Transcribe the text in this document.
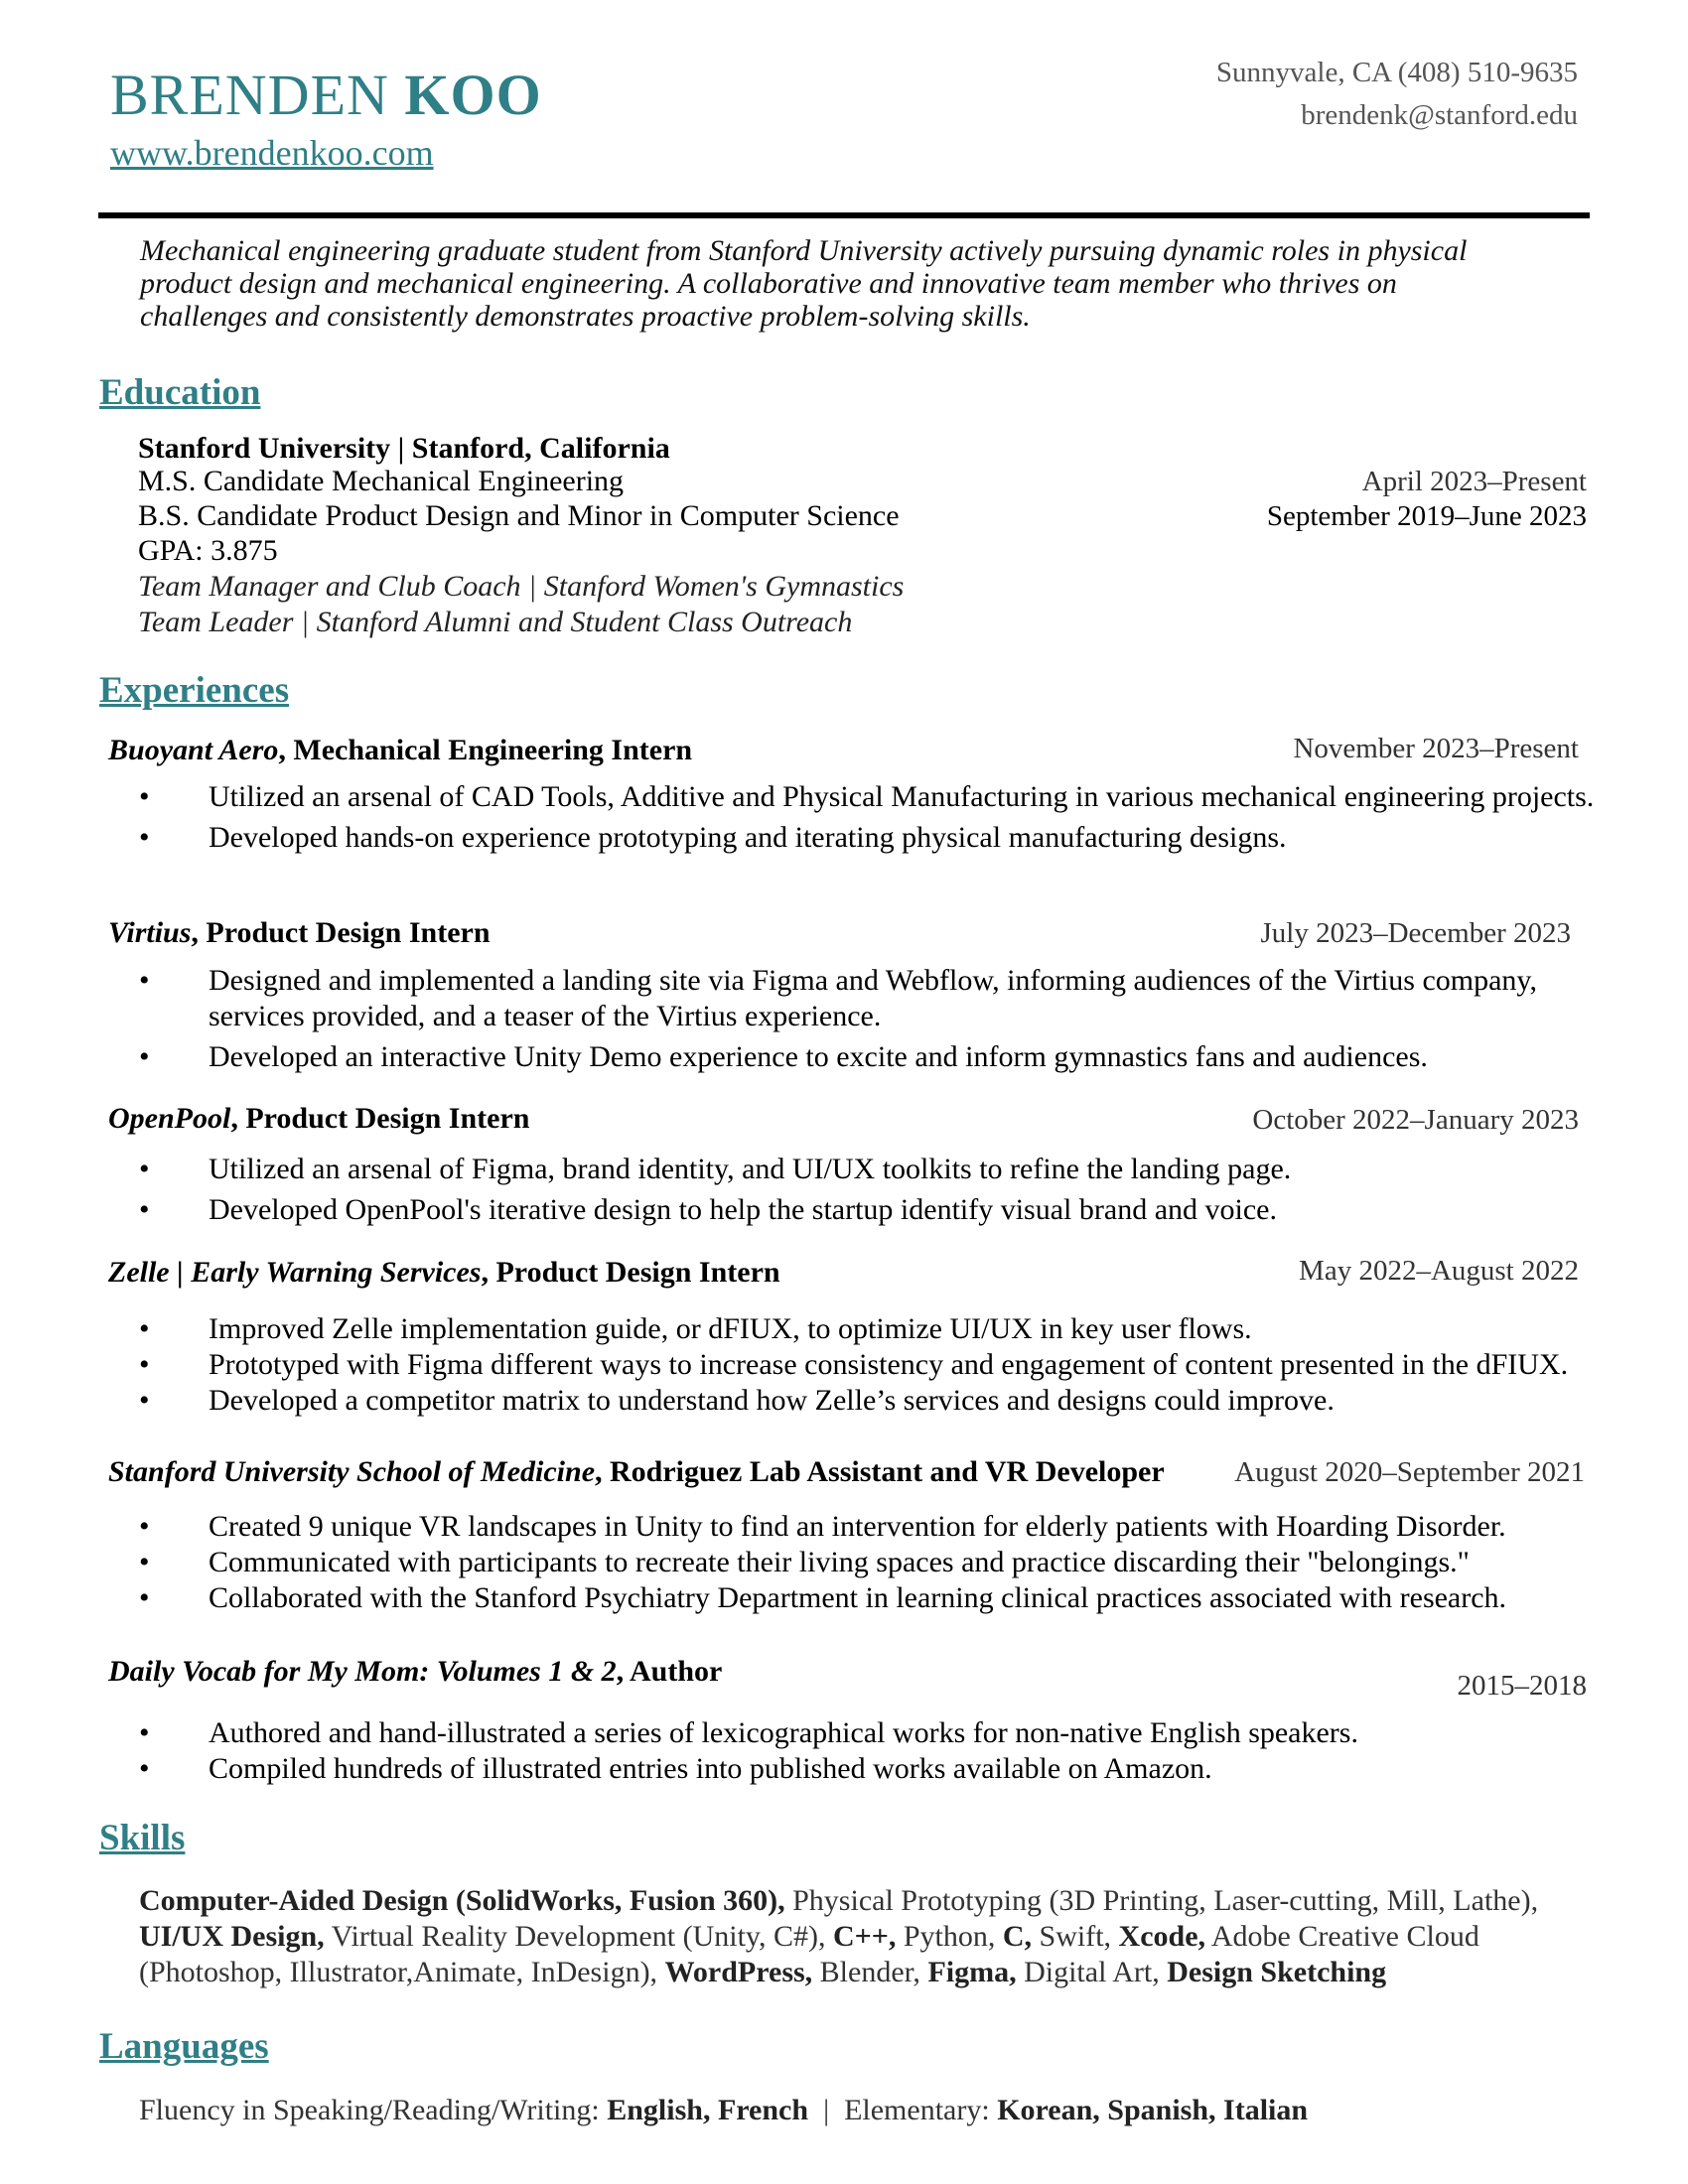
BRENDEN KOO
www.brendenkoo.com
Sunnyvale, CA (408) 510-9635
brendenk@stanford.edu
Mechanical engineering graduate student from Stanford University actively pursuing dynamic roles in physical product design and mechanical engineering. A collaborative and innovative team member who thrives on challenges and consistently demonstrates proactive problem-solving skills.
Education
Stanford University | Stanford, California
M.S. Candidate Mechanical Engineering	April 2023–Present
B.S. Candidate Product Design and Minor in Computer Science	September 2019–June 2023
GPA: 3.875
Team Manager and Club Coach | Stanford Women's Gymnastics
Team Leader | Stanford Alumni and Student Class Outreach
Experiences
Buoyant Aero, Mechanical Engineering Intern	November 2023–Present
•	Utilized an arsenal of CAD Tools, Additive and Physical Manufacturing in various mechanical engineering projects.
•	Developed hands-on experience prototyping and iterating physical manufacturing designs.
Virtius, Product Design Intern	July 2023–December 2023
•	Designed and implemented a landing site via Figma and Webflow, informing audiences of the Virtius company, services provided, and a teaser of the Virtius experience.
•	Developed an interactive Unity Demo experience to excite and inform gymnastics fans and audiences.
OpenPool, Product Design Intern	October 2022–January 2023
•	Utilized an arsenal of Figma, brand identity, and UI/UX toolkits to refine the landing page.
•	Developed OpenPool's iterative design to help the startup identify visual brand and voice.
Zelle | Early Warning Services, Product Design Intern	May 2022–August 2022
•	Improved Zelle implementation guide, or dFIUX, to optimize UI/UX in key user flows.
•	Prototyped with Figma different ways to increase consistency and engagement of content presented in the dFIUX.
•	Developed a competitor matrix to understand how Zelle’s services and designs could improve.
Stanford University School of Medicine, Rodriguez Lab Assistant and VR Developer August 2020–September 2021
•	Created 9 unique VR landscapes in Unity to find an intervention for elderly patients with Hoarding Disorder.
•	Communicated with participants to recreate their living spaces and practice discarding their "belongings."
•	Collaborated with the Stanford Psychiatry Department in learning clinical practices associated with research.
Daily Vocab for My Mom: Volumes 1 & 2, Author	2015–2018
•	Authored and hand-illustrated a series of lexicographical works for non-native English speakers.
•	Compiled hundreds of illustrated entries into published works available on Amazon.
Skills
Computer-Aided Design (SolidWorks, Fusion 360), Physical Prototyping (3D Printing, Laser-cutting, Mill, Lathe), UI/UX Design, Virtual Reality Development (Unity, C#), C++, Python, C, Swift, Xcode, Adobe Creative Cloud (Photoshop, Illustrator,Animate, InDesign), WordPress, Blender, Figma, Digital Art, Design Sketching
Languages
Fluency in Speaking/Reading/Writing: English, French  |  Elementary: Korean, Spanish, Italian
